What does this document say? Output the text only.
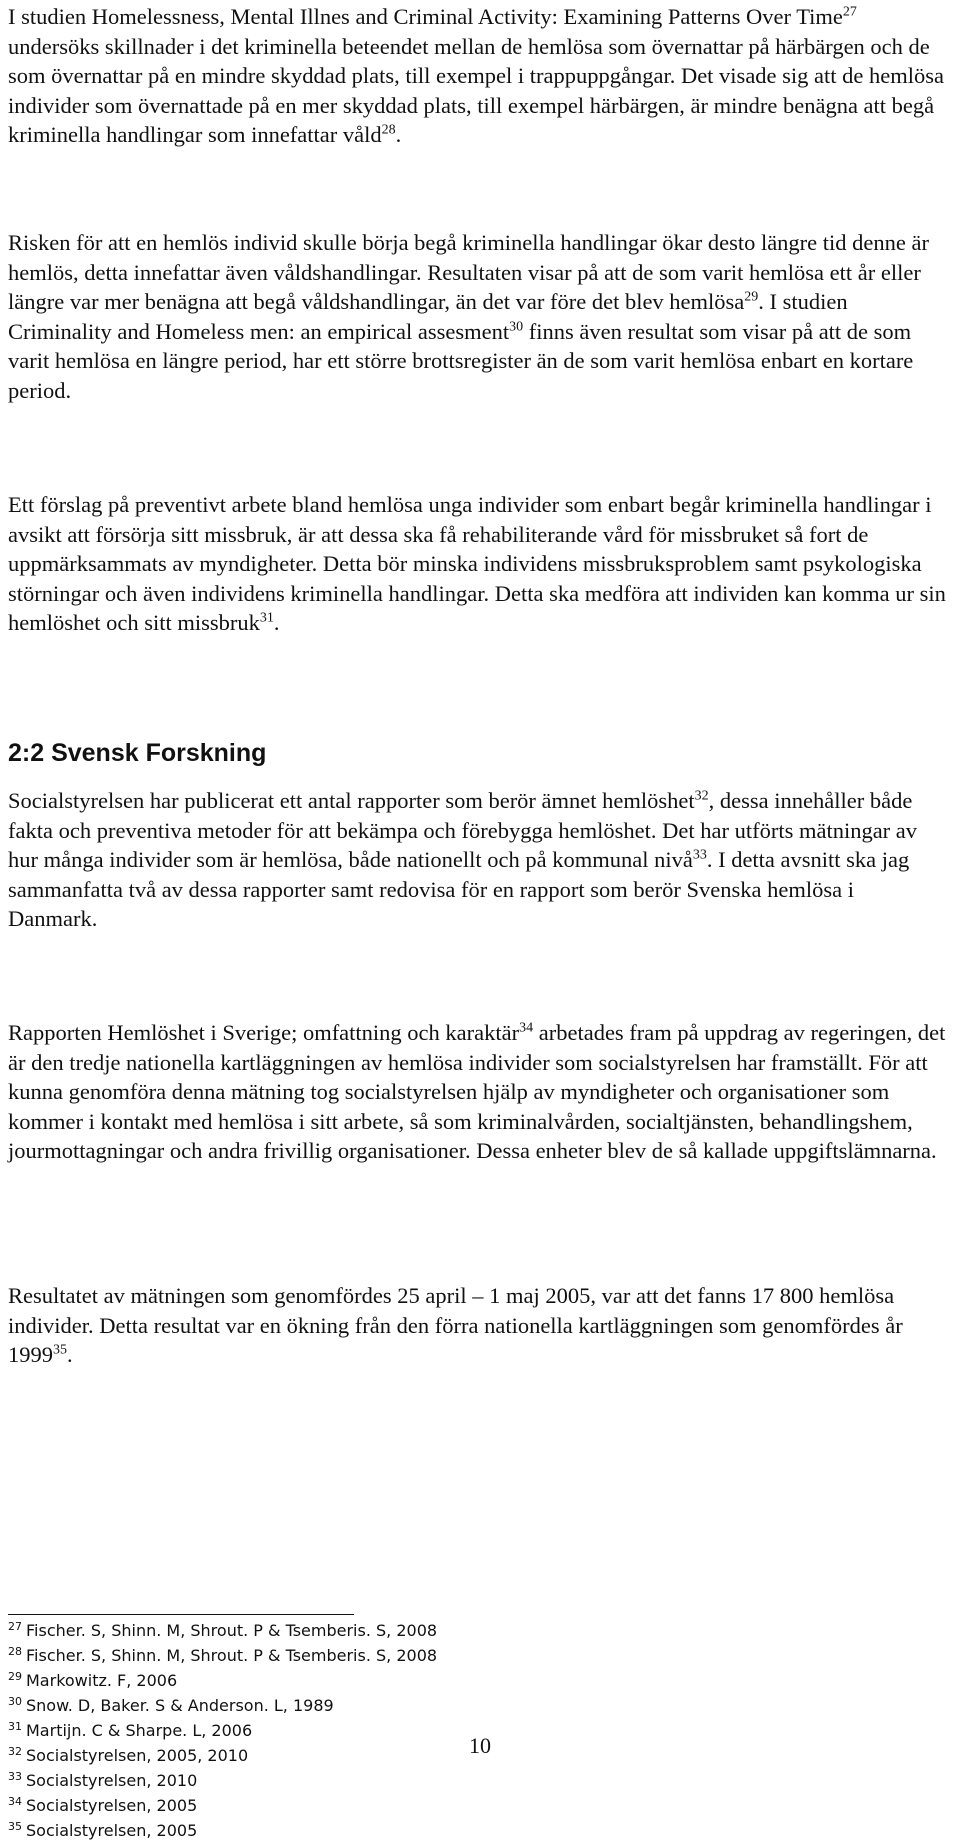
I studien Homelessness, Mental Illnes and Criminal Activity: Examining Patterns Over Time$^{27}$ undersöks skillnader i det kriminella beteendet mellan de hemlösa som övernattar på härbärgen och de som övernattar på en mindre skyddad plats, till exempel i trappuppgångar. Det visade sig att de hemlösa individer som övernattade på en mer skyddad plats, till exempel härbärgen, är mindre benägna att begå kriminella handlingar som innefattar våld$^{28}$.

Risken för att en hemlös individ skulle börja begå kriminella handlingar ökar desto längre tid denne är hemlös, detta innefattar även våldshandlingar. Resultaten visar på att de som varit hemlösa ett år eller längre var mer benägna att begå våldshandlingar, än det var före det blev hemlösa$^{29}$. I studien Criminality and Homeless men: an empirical assesment$^{30}$ finns även resultat som visar på att de som varit hemlösa en längre period, har ett större brottsregister än de som varit hemlösa enbart en kortare period.

Ett förslag på preventivt arbete bland hemlösa unga individer som enbart begår kriminella handlingar i avsikt att försörja sitt missbruk, är att dessa ska få rehabiliterande vård för missbruket så fort de uppmärksammats av myndigheter. Detta bör minska individens missbruksproblem samt psykologiska störningar och även individens kriminella handlingar. Detta ska medföra att individen kan komma ur sin hemlöshet och sitt missbruk$^{31}$.

2:2 Svensk Forskning

Socialstyrelsen har publicerat ett antal rapporter som berör ämnet hemlöshet$^{32}$, dessa innehåller både fakta och preventiva metoder för att bekämpa och förebygga hemlöshet. Det har utförts mätningar av hur många individer som är hemlösa, både nationellt och på kommunal nivå$^{33}$. I detta avsnitt ska jag sammanfatta två av dessa rapporter samt redovisa för en rapport som berör Svenska hemlösa i Danmark.

Rapporten Hemlöshet i Sverige; omfattning och karaktär$^{34}$ arbetades fram på uppdrag av regeringen, det är den tredje nationella kartläggningen av hemlösa individer som socialstyrelsen har framställt. För att kunna genomföra denna mätning tog socialstyrelsen hjälp av myndigheter och organisationer som kommer i kontakt med hemlösa i sitt arbete, så som kriminalvården, socialtjänsten, behandlingshem, jourmottagningar och andra frivillig organisationer. Dessa enheter blev de så kallade uppgiftslämnarna.

Resultatet av mätningen som genomfördes 25 april – 1 maj 2005, var att det fanns 17 800 hemlösa individer. Detta resultat var en ökning från den förra nationella kartläggningen som genomfördes år 1999$^{35}$.

$^{27}$ Fischer. S, Shinn. M, Shrout. P & Tsemberis. S, 2008
$^{28}$ Fischer. S, Shinn. M, Shrout. P & Tsemberis. S, 2008
$^{29}$ Markowitz. F, 2006
$^{30}$ Snow. D, Baker. S & Anderson. L, 1989
$^{31}$ Martijn. C & Sharpe. L, 2006
$^{32}$ Socialstyrelsen, 2005, 2010
$^{33}$ Socialstyrelsen, 2010
$^{34}$ Socialstyrelsen, 2005
$^{35}$ Socialstyrelsen, 2005
10
